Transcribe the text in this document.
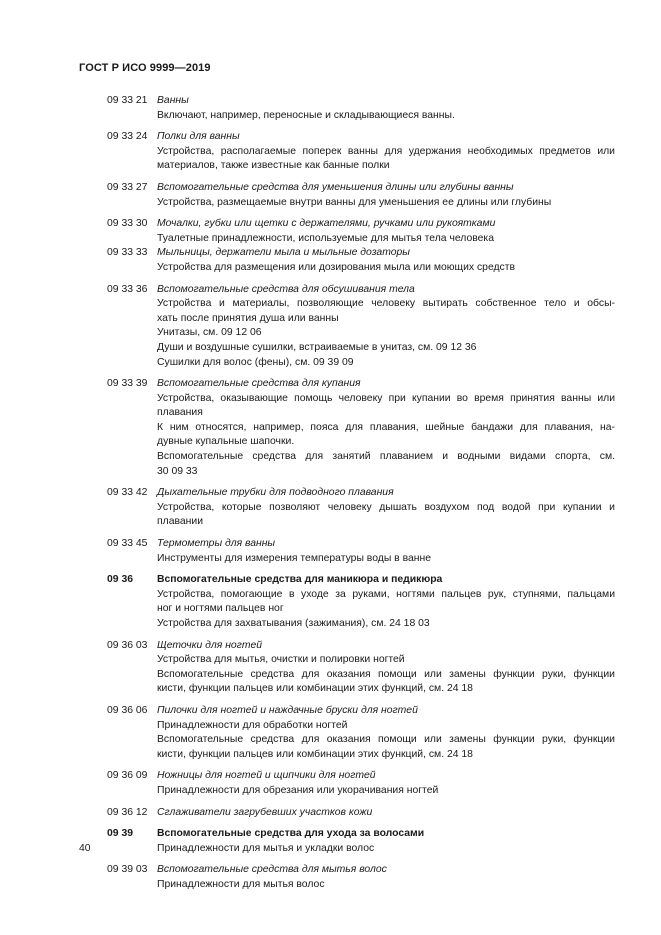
ГОСТ Р ИСО 9999—2019
09 33 21 Ванны
Включают, например, переносные и складывающиеся ванны.
09 33 24 Полки для ванны
Устройства, располагаемые поперек ванны для удержания необходимых предметов или
материалов, также известные как банные полки
09 33 27 Вспомогательные средства для уменьшения длины или глубины ванны
Устройства, размещаемые внутри ванны для уменьшения ее длины или глубины
09 33 30 Мочалки, губки или щетки с держателями, ручками или рукоятками
Туалетные принадлежности, используемые для мытья тела человека
09 33 33 Мыльницы, держатели мыла и мыльные дозаторы
Устройства для размещения или дозирования мыла или моющих средств
09 33 36 Вспомогательные средства для обсушивания тела
Устройства и материалы, позволяющие человеку вытирать собственное тело и обсы-
хать после принятия душа или ванны
Унитазы, см. 09 12 06
Души и воздушные сушилки, встраиваемые в унитаз, см. 09 12 36
Сушилки для волос (фены), см. 09 39 09
09 33 39 Вспомогательные средства для купания
Устройства, оказывающие помощь человеку при купании во время принятия ванны или
плавания
К ним относятся, например, пояса для плавания, шейные бандажи для плавания, на-
дувные купальные шапочки.
Вспомогательные средства для занятий плаванием и водными видами спорта, см.
30 09 33
09 33 42 Дыхательные трубки для подводного плавания
Устройства, которые позволяют человеку дышать воздухом под водой при купании и
плавании
09 33 45 Термометры для ванны
Инструменты для измерения температуры воды в ванне
09 36	Вспомогательные средства для маникюра и педикюра
Устройства, помогающие в уходе за руками, ногтями пальцев рук, ступнями, пальцами
ног и ногтями пальцев ног
Устройства для захватывания (зажимания), см. 24 18 03
09 36 03 Щеточки для ногтей
Устройства для мытья, очистки и полировки ногтей
Вспомогательные средства для оказания помощи или замены функции руки, функции
кисти, функции пальцев или комбинации этих функций, см. 24 18
09 36 06 Пилочки для ногтей и наждачные бруски для ногтей
Принадлежности для обработки ногтей
Вспомогательные средства для оказания помощи или замены функции руки, функции
кисти, функции пальцев или комбинации этих функций, см. 24 18
09 36 09 Ножницы для ногтей и щипчики для ногтей
Принадлежности для обрезания или укорачивания ногтей
09 36 12 Сглаживатели загрубевших участков кожи
09 39	Вспомогательные средства для ухода за волосами
Принадлежности для мытья и укладки волос
09 39 03 Вспомогательные средства для мытья волос
Принадлежности для мытья волос
40
